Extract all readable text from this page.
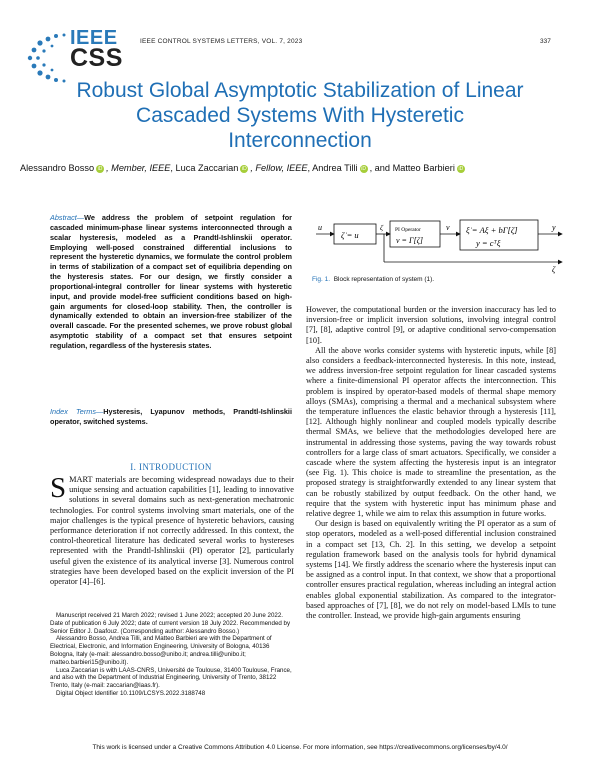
IEEE
CSS
IEEE CONTROL SYSTEMS LETTERS, VOL. 7, 2023	337
Robust Global Asymptotic Stabilization of Linear
Cascaded Systems With Hysteretic
Interconnection
Alessandro Bosso iD , Member, IEEE, Luca Zaccarian iD , Fellow, IEEE, Andrea Tilli iD , and Matteo Barbieri iD
Abstract—We address the problem of setpoint regulation for cascaded minimum-phase linear systems interconnected through a scalar hysteresis, modeled as a Prandtl-Ishlinskii operator. Employing well-posed constrained differential inclusions to represent the hysteretic dynamics, we formulate the control problem in terms of stabilization of a compact set of equilibria depending on the hysteresis states. For our design, we firstly consider a proportional-integral controller for linear systems with hysteretic input, and provide model-free sufficient conditions based on high-gain arguments for closed-loop stability. Then, the controller is dynamically extended to obtain an inversion-free stabilizer of the overall cascade. For the presented schemes, we prove robust global asymptotic stability of a compact set that ensures setpoint regulation, regardless of the hysteresis states.
Index Terms—Hysteresis, Lyapunov methods, Prandtl-Ishlinskii operator, switched systems.
I. INTRODUCTION
SMART materials are becoming widespread nowadays due to their unique sensing and actuation capabilities [1], leading to innovative solutions in several domains such as next-generation mechatronic technologies. For control systems involving smart materials, one of the major challenges is the typical presence of hysteretic behaviors, causing performance deterioration if not correctly addressed. In this context, the control-theoretical literature has dedicated several works to hystereses represented with the Prandtl-Ishlinskii (PI) operator [2], particularly useful given the existence of its analytical inverse [3]. Numerous control strategies have been developed based on the explicit inversion of the PI operator [4]–[6].

Manuscript received 21 March 2022; revised 1 June 2022; accepted 20 June 2022. Date of publication 6 July 2022; date of current version 18 July 2022. Recommended by Senior Editor J. Daafouz. (Corresponding author: Alessandro Bosso.)

Alessandro Bosso, Andrea Tilli, and Matteo Barbieri are with the Department of Electrical, Electronic, and Information Engineering, University of Bologna, 40136 Bologna, Italy (e-mail: alessandro.bosso@unibo.it; andrea.tilli@unibo.it; matteo.barbieri15@unibo.it).

Luca Zaccarian is with LAAS-CNRS, Université de Toulouse, 31400 Toulouse, France, and also with the Department of Industrial Engineering, University of Trento, 38122 Trento, Italy (e-mail: zaccarian@laas.fr).

Digital Object Identifier 10.1109/LCSYS.2022.3188748

u
ζ̇ = u
ζ PI Operator
v = Γ[ζ]
v ξ̇ = Aξ + bΓ[ζ]
y = cᵀξ
y
ζ
Fig. 1. Block representation of system (1).

However, the computational burden or the inversion inaccuracy has led to inversion-free or implicit inversion solutions, involving integral control [7], [8], adaptive control [9], or adaptive conditional servo-compensation [10].

All the above works consider systems with hysteretic inputs, while [8] also considers a feedback-interconnected hysteresis. In this note, instead, we address inversion-free setpoint regulation for linear cascaded systems where a finite-dimensional PI operator affects the interconnection. This problem is inspired by operator-based models of thermal shape memory alloys (SMAs), comprising a thermal and a mechanical subsystem where the temperature influences the elastic behavior through a hysteresis [11], [12]. Although highly nonlinear and coupled models typically describe thermal SMAs, we believe that the methodologies developed here are instrumental in addressing those systems, paving the way towards robust controllers for a large class of smart actuators. Specifically, we consider a cascade where the system affecting the hysteresis input is an integrator (see Fig. 1). This choice is made to streamline the presentation, as the proposed strategy is straightforwardly extended to any linear system that can be robustly stabilized by output feedback. On the other hand, we require that the system with hysteretic input has minimum phase and relative degree 1, while we aim to relax this assumption in future works.

Our design is based on equivalently writing the PI operator as a sum of stop operators, modeled as a well-posed differential inclusion constrained in a compact set [13, Ch. 2]. In this setting, we develop a setpoint regulation framework based on the analysis tools for hybrid dynamical systems [14]. We firstly address the scenario where the hysteresis input can be assigned as a control input. In that context, we show that a proportional controller ensures practical regulation, whereas including an integral action enables global exponential stabilization. As compared to the integrator-based approaches of [7], [8], we do not rely on model-based LMIs to tune the controller. Instead, we provide high-gain arguments ensuring

This work is licensed under a Creative Commons Attribution 4.0 License. For more information, see https://creativecommons.org/licenses/by/4.0/
